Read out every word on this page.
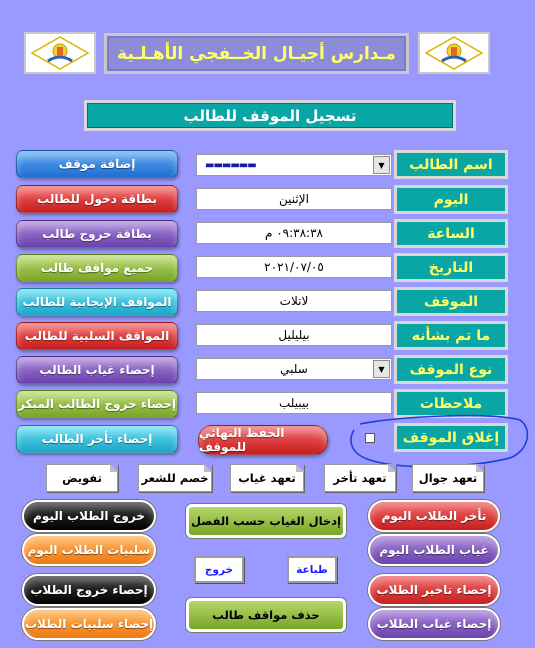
مـدارس أجيـال الخــفجي الأهـلـية
تسجيل الموقف للطالب
إضافة موقف
بطاقة دخول للطالب
بطاقة خروج طالب
جميع مواقف طالب
المواقف الإيجابية للطالب
المواقف السلبية للطالب
إحصاء غياب الطالب
إحصاء خروج الطالب المبكر
إحصاء تأخر الطالب
▬▬▬▬▬▬	▼	اسم الطالب
الإثنين	اليوم
٠٩:٣٨:٣٨ م	الساعة
٢٠٢١/٠٧/٠٥	التاريخ
لاتلات	الموقف
بيليليل	ما تم بشأنه
سلبي	▼	نوع الموقف
بيبيلب	ملاحظات
الحفظ النهائي للموقف
إغلاق الموقف
تعهد جوال
تعهد تأخر
تعهد غياب
خصم للشعر
تفويض
خروج الطلاب اليوم	إدخال الغياب حسب الفصل	تأخر الطلاب اليوم
سلبيات الطلاب اليوم	غياب الطلاب اليوم
خروج	طباعة
إحصاء خروج الطلاب	إحصاء تاخير الطلاب
حذف مواقف طالب
إحصاء سلبيات الطلاب	إحصاء غياب الطلاب
